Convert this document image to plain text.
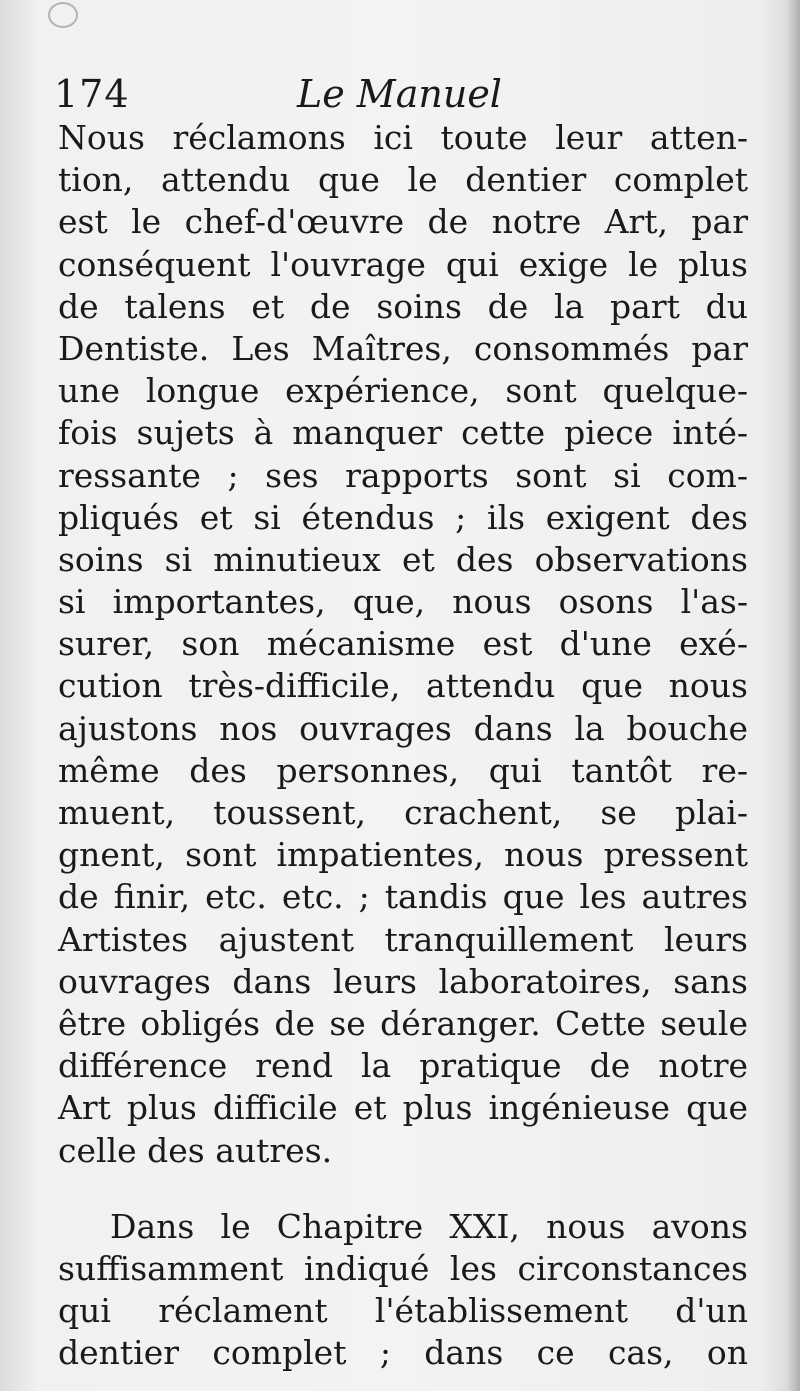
174	Le Manuel
Nous réclamons ici toute leur atten-
tion, attendu que le dentier complet
est le chef-d'œuvre de notre Art, par
conséquent l'ouvrage qui exige le plus
de talens et de soins de la part du
Dentiste. Les Maîtres, consommés par
une longue expérience, sont quelque-
fois sujets à manquer cette piece inté-
ressante ; ses rapports sont si com-
pliqués et si étendus ; ils exigent des
soins si minutieux et des observations
si importantes, que, nous osons l'as-
surer, son mécanisme est d'une exé-
cution très-difficile, attendu que nous
ajustons nos ouvrages dans la bouche
même des personnes, qui tantôt re-
muent, toussent, crachent, se plai-
gnent, sont impatientes, nous pressent
de finir, etc. etc. ; tandis que les autres
Artistes ajustent tranquillement leurs
ouvrages dans leurs laboratoires, sans
être obligés de se déranger. Cette seule
différence rend la pratique de notre
Art plus difficile et plus ingénieuse que
celle des autres.
Dans le Chapitre XXI, nous avons
suffisamment indiqué les circonstances
qui réclament l'établissement d'un
dentier complet ; dans ce cas, on
